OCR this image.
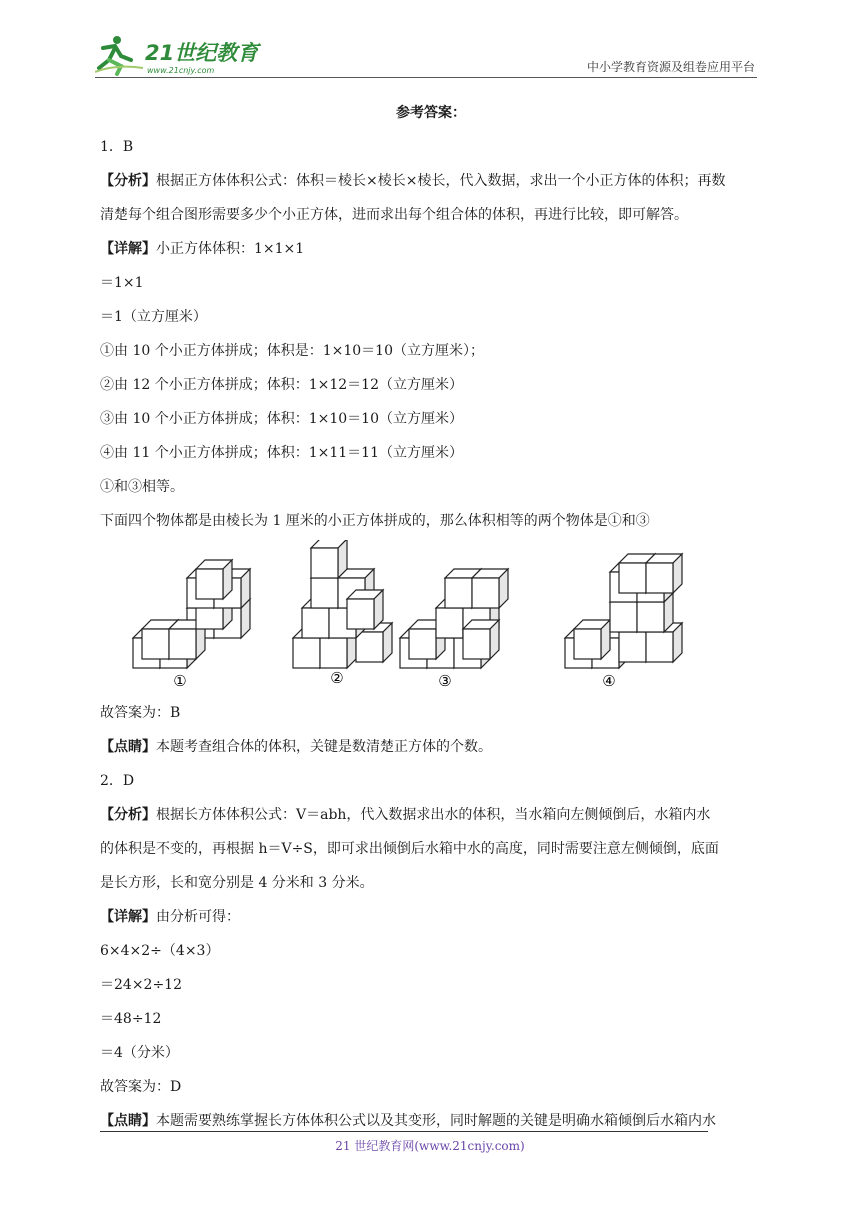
21世纪教育
www.21cnjy.com	中小学教育资源及组卷应用平台
参考答案：
1．B
【分析】根据正方体体积公式：体积＝棱长×棱长×棱长，代入数据，求出一个小正方体的体积；再数
清楚每个组合图形需要多少个小正方体，进而求出每个组合体的体积，再进行比较，即可解答。
【详解】小正方体体积：1×1×1
＝1×1
＝1（立方厘米）
①由 10 个小正方体拼成；体积是：1×10＝10（立方厘米）；
②由 12 个小正方体拼成；体积：1×12＝12（立方厘米）
③由 10 个小正方体拼成；体积：1×10＝10（立方厘米）
④由 11 个小正方体拼成；体积：1×11＝11（立方厘米）
①和③相等。
下面四个物体都是由棱长为 1 厘米的小正方体拼成的，那么体积相等的两个物体是①和③
①	②	③	④
故答案为：B
【点睛】本题考查组合体的体积，关键是数清楚正方体的个数。
2．D
【分析】根据长方体体积公式：V＝abh，代入数据求出水的体积，当水箱向左侧倾倒后，水箱内水
的体积是不变的，再根据 h＝V÷S，即可求出倾倒后水箱中水的高度，同时需要注意左侧倾倒，底面
是长方形，长和宽分别是 4 分米和 3 分米。
【详解】由分析可得：
6×4×2÷（4×3）
＝24×2÷12
＝48÷12
＝4（分米）
故答案为：D
【点睛】本题需要熟练掌握长方体体积公式以及其变形，同时解题的关键是明确水箱倾倒后水箱内水
21 世纪教育网(www.21cnjy.com)
